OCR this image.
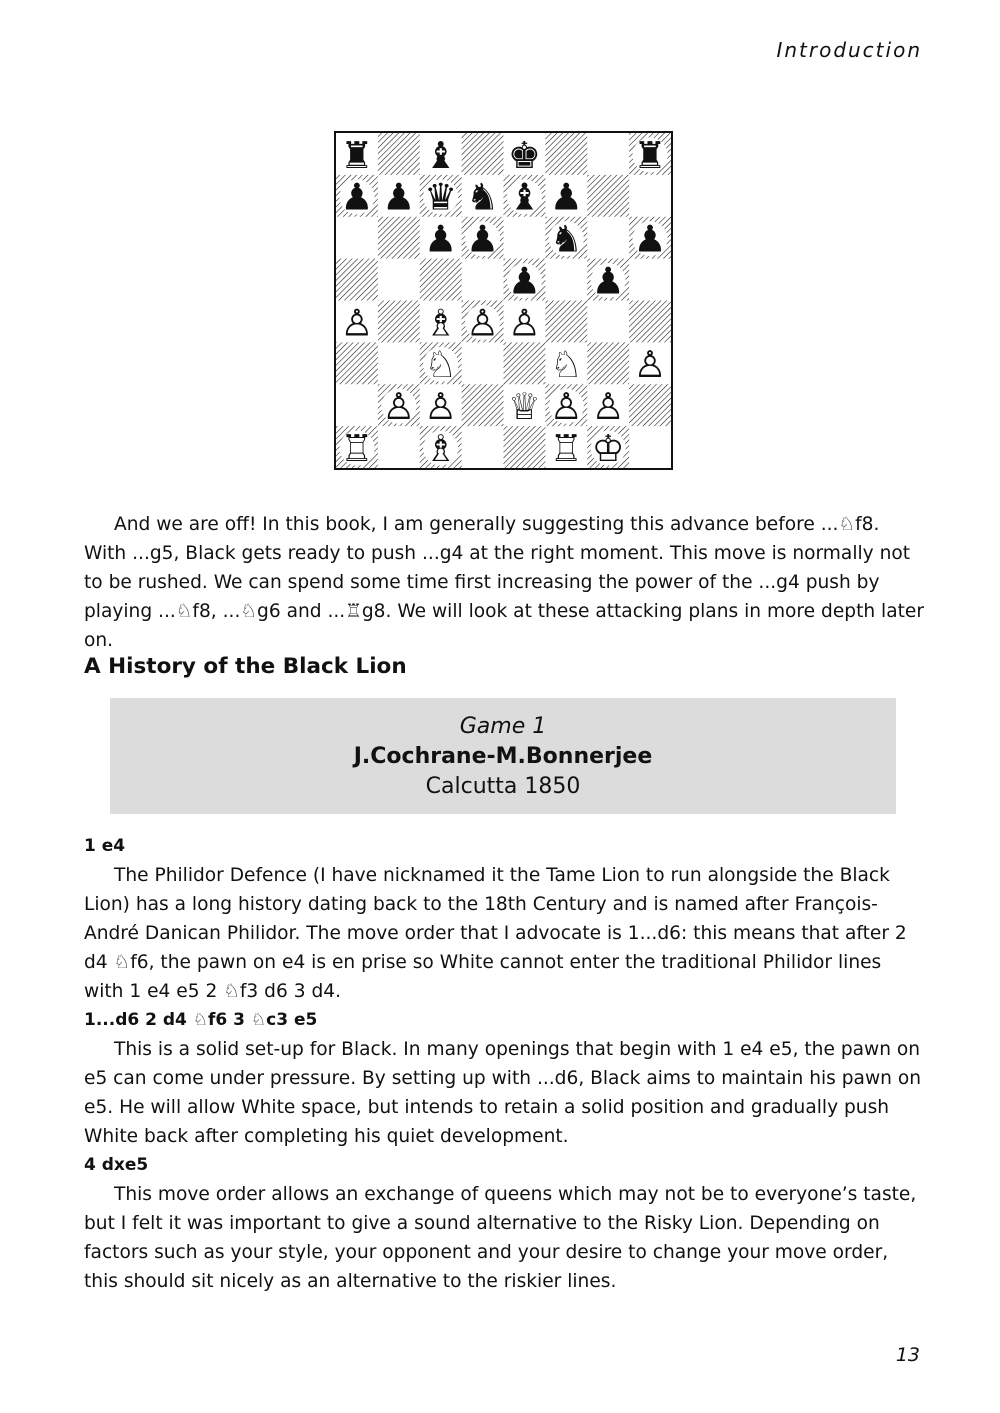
Introduction
♜ ♝ ♚	♜
♟ ♟ ♛ ♞ ♝ ♟
♟ ♟ ♞ ♟
♟ ♟
♙ ♗ ♙ ♙
♘	♘ ♙
♙ ♙ ♕ ♙ ♙
♖ ♗	♖ ♔

And we are off! In this book, I am generally suggesting this advance before ...♘f8. With ...g5, Black gets ready to push ...g4 at the right moment. This move is normally not to be rushed. We can spend some time first increasing the power of the ...g4 push by playing ...♘f8, ...♘g6 and ...♖g8. We will look at these attacking plans in more depth later on.

A History of the Black Lion
Game 1
J.Cochrane-M.Bonnerjee
Calcutta 1850

1 e4

The Philidor Defence (I have nicknamed it the Tame Lion to run alongside the Black Lion) has a long history dating back to the 18th Century and is named after François-André Danican Philidor. The move order that I advocate is 1...d6: this means that after 2 d4 ♘f6, the pawn on e4 is en prise so White cannot enter the traditional Philidor lines with 1 e4 e5 2 ♘f3 d6 3 d4.

1...d6 2 d4 ♘f6 3 ♘c3 e5

This is a solid set-up for Black. In many openings that begin with 1 e4 e5, the pawn on e5 can come under pressure. By setting up with ...d6, Black aims to maintain his pawn on e5. He will allow White space, but intends to retain a solid position and gradually push White back after completing his quiet development.

4 dxe5

This move order allows an exchange of queens which may not be to everyone’s taste, but I felt it was important to give a sound alternative to the Risky Lion. Depending on factors such as your style, your opponent and your desire to change your move order, this should sit nicely as an alternative to the riskier lines.

13
